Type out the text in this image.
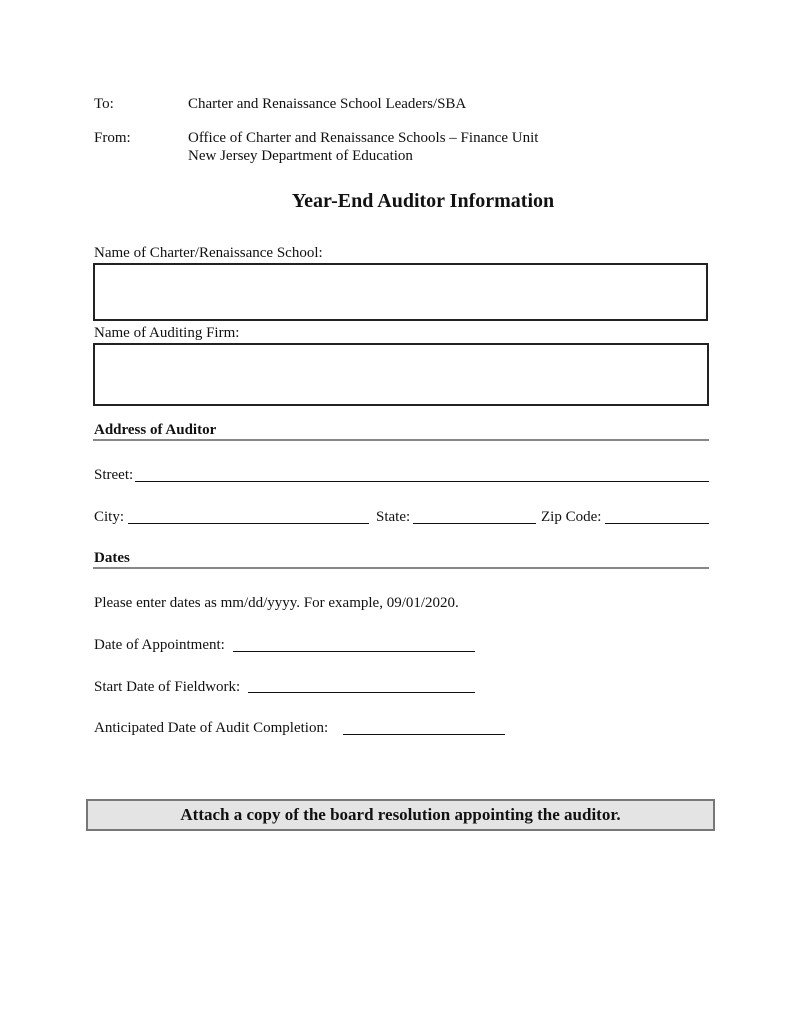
To:	Charter and Renaissance School Leaders/SBA
From:	Office of Charter and Renaissance Schools – Finance Unit
New Jersey Department of Education
Year-End Auditor Information
Name of Charter/Renaissance School:
Name of Auditing Firm:
Address of Auditor
Street:
City:	State:	Zip Code:
Dates
Please enter dates as mm/dd/yyyy. For example, 09/01/2020.
Date of Appointment:
Start Date of Fieldwork:
Anticipated Date of Audit Completion:
Attach a copy of the board resolution appointing the auditor.
